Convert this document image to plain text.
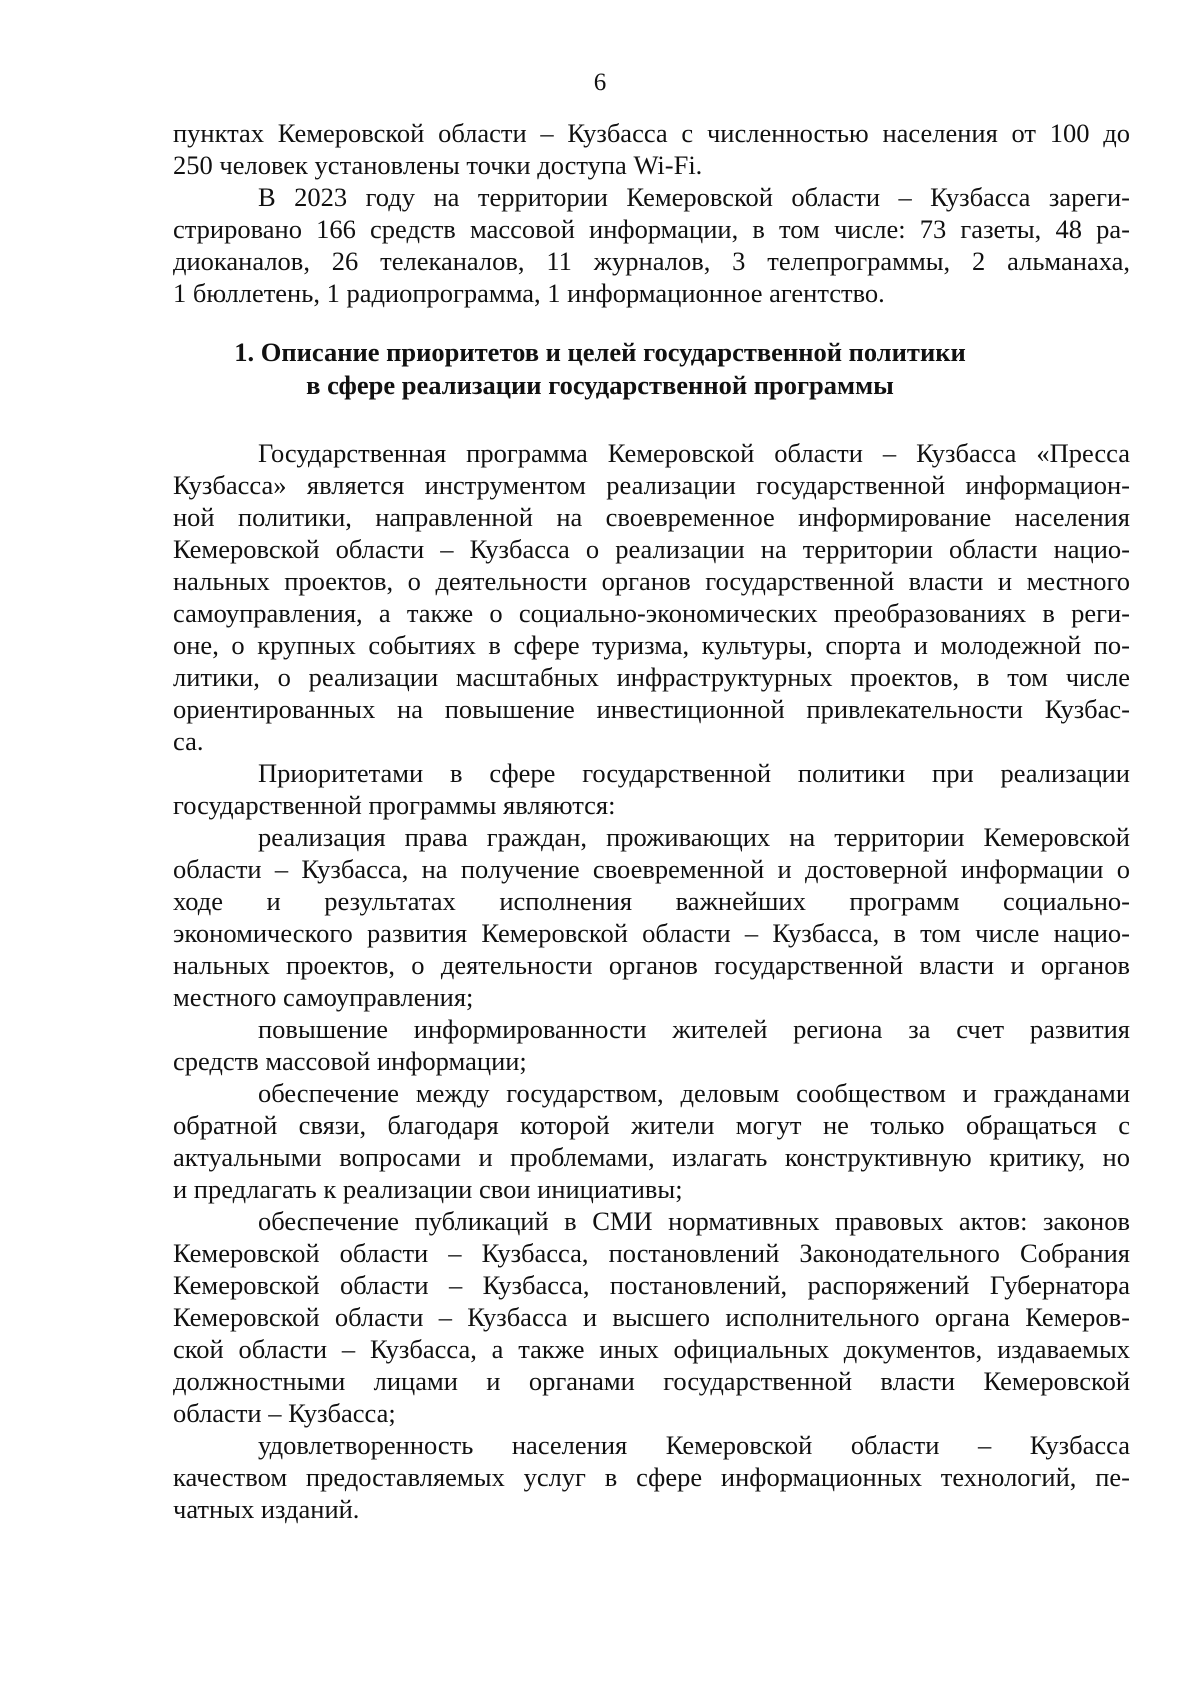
6
пунктах Кемеровской области – Кузбасса с численностью населения от 100 до
250 человек установлены точки доступа Wi-Fi.
В 2023 году на территории Кемеровской области – Кузбасса зареги-
стрировано 166 средств массовой информации, в том числе: 73 газеты, 48 ра-
диоканалов, 26 телеканалов, 11 журналов, 3 телепрограммы, 2 альманаха,
1 бюллетень, 1 радиопрограмма, 1 информационное агентство.
1. Описание приоритетов и целей государственной политики
в сфере реализации государственной программы
Государственная программа Кемеровской области – Кузбасса «Пресса
Кузбасса» является инструментом реализации государственной информацион-
ной политики, направленной на своевременное информирование населения
Кемеровской области – Кузбасса о реализации на территории области нацио-
нальных проектов, о деятельности органов государственной власти и местного
самоуправления, а также о социально-экономических преобразованиях в реги-
оне, о крупных событиях в сфере туризма, культуры, спорта и молодежной по-
литики, о реализации масштабных инфраструктурных проектов, в том числе
ориентированных на повышение инвестиционной привлекательности Кузбас-
са.
Приоритетами в сфере государственной политики при реализации
государственной программы являются:
реализация права граждан, проживающих на территории Кемеровской
области – Кузбасса, на получение своевременной и достоверной информации о
ходе и результатах исполнения важнейших программ социально-
экономического развития Кемеровской области – Кузбасса, в том числе нацио-
нальных проектов, о деятельности органов государственной власти и органов
местного самоуправления;
повышение информированности жителей региона за счет развития
средств массовой информации;
обеспечение между государством, деловым сообществом и гражданами
обратной связи, благодаря которой жители могут не только обращаться с
актуальными вопросами и проблемами, излагать конструктивную критику, но
и предлагать к реализации свои инициативы;
обеспечение публикаций в СМИ нормативных правовых актов: законов
Кемеровской области – Кузбасса, постановлений Законодательного Собрания
Кемеровской области – Кузбасса, постановлений, распоряжений Губернатора
Кемеровской области – Кузбасса и высшего исполнительного органа Кемеров-
ской области – Кузбасса, а также иных официальных документов, издаваемых
должностными лицами и органами государственной власти Кемеровской
области – Кузбасса;
удовлетворенность населения Кемеровской области – Кузбасса
качеством предоставляемых услуг в сфере информационных технологий, пе-
чатных изданий.
